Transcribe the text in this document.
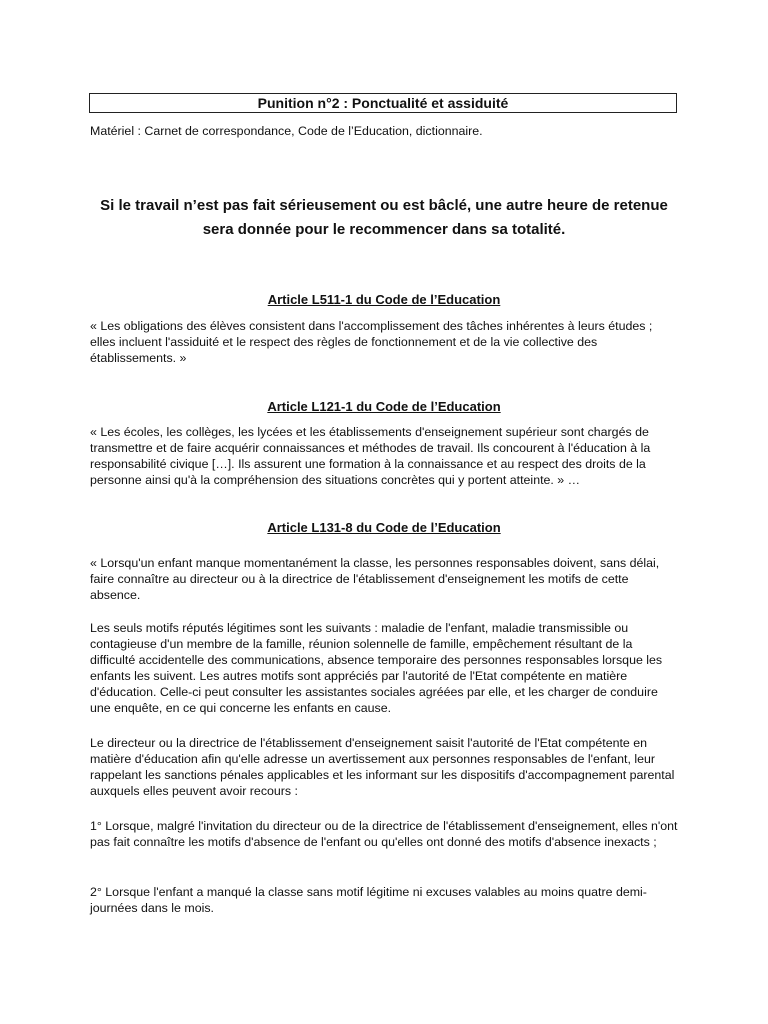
Punition n°2 : Ponctualité et assiduité
Matériel : Carnet de correspondance, Code de l’Education, dictionnaire.
Si le travail n’est pas fait sérieusement ou est bâclé, une autre heure de retenue sera donnée pour le recommencer dans sa totalité.
Article L511-1 du Code de l’Education

« Les obligations des élèves consistent dans l'accomplissement des tâches inhérentes à leurs études ; elles incluent l'assiduité et le respect des règles de fonctionnement et de la vie collective des établissements. »

Article L121-1 du Code de l’Education

« Les écoles, les collèges, les lycées et les établissements d'enseignement supérieur sont chargés de transmettre et de faire acquérir connaissances et méthodes de travail. Ils concourent à l'éducation à la responsabilité civique […]. Ils assurent une formation à la connaissance et au respect des droits de la personne ainsi qu'à la compréhension des situations concrètes qui y portent atteinte. » …

Article L131-8 du Code de l’Education

« Lorsqu'un enfant manque momentanément la classe, les personnes responsables doivent, sans délai, faire connaître au directeur ou à la directrice de l'établissement d'enseignement les motifs de cette absence.

Les seuls motifs réputés légitimes sont les suivants : maladie de l'enfant, maladie transmissible ou contagieuse d'un membre de la famille, réunion solennelle de famille, empêchement résultant de la difficulté accidentelle des communications, absence temporaire des personnes responsables lorsque les enfants les suivent. Les autres motifs sont appréciés par l'autorité de l'Etat compétente en matière d'éducation. Celle-ci peut consulter les assistantes sociales agréées par elle, et les charger de conduire une enquête, en ce qui concerne les enfants en cause.

Le directeur ou la directrice de l'établissement d'enseignement saisit l'autorité de l'Etat compétente en matière d'éducation afin qu'elle adresse un avertissement aux personnes responsables de l'enfant, leur rappelant les sanctions pénales applicables et les informant sur les dispositifs d'accompagnement parental auxquels elles peuvent avoir recours :

1° Lorsque, malgré l'invitation du directeur ou de la directrice de l'établissement d'enseignement, elles n'ont pas fait connaître les motifs d'absence de l'enfant ou qu'elles ont donné des motifs d'absence inexacts ;

2° Lorsque l'enfant a manqué la classe sans motif légitime ni excuses valables au moins quatre demi-journées dans le mois.
